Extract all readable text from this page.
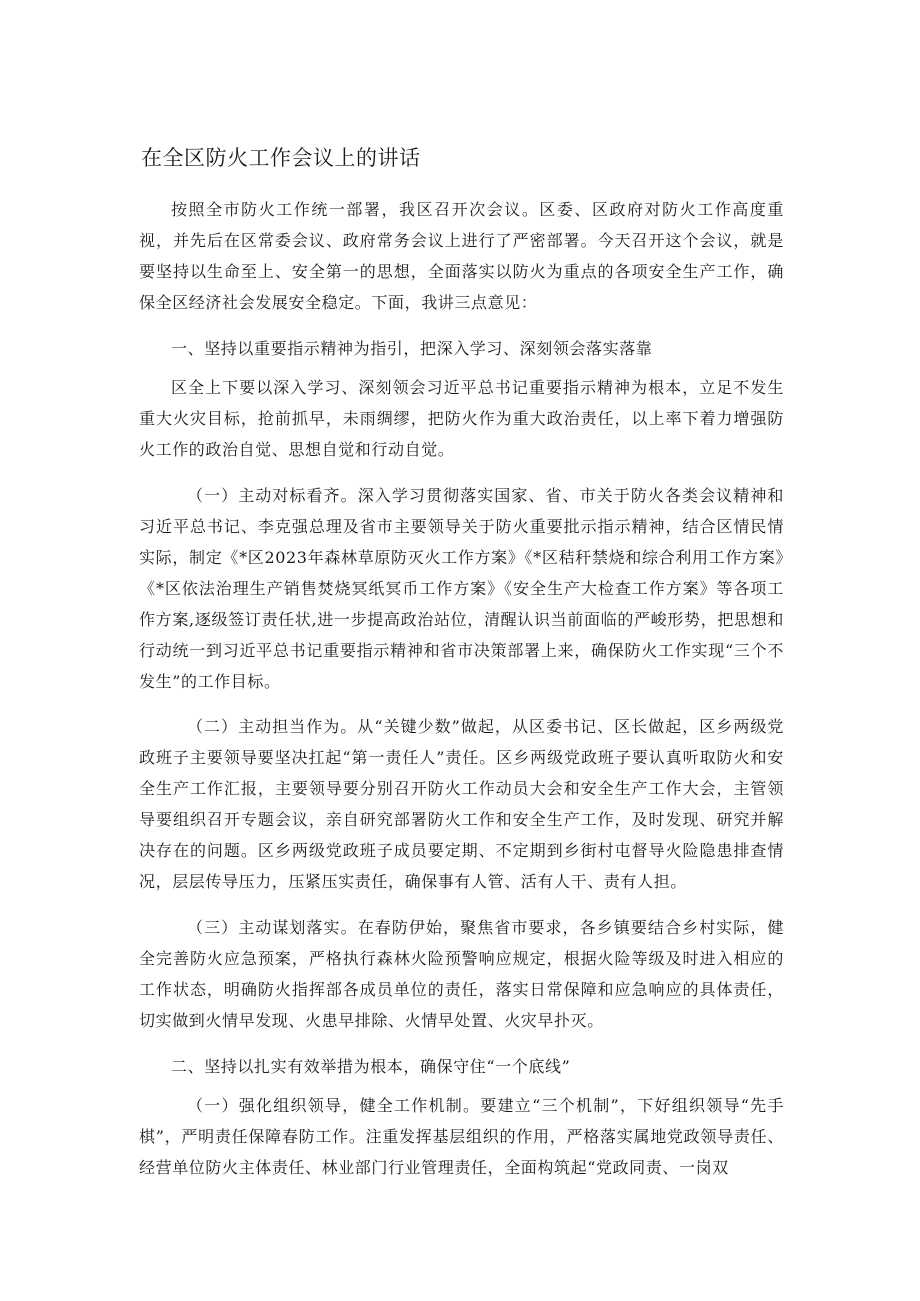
在全区防火工作会议上的讲话

按照全市防火工作统一部署，我区召开次会议。区委、区政府对防火工作高度重视，并先后在区常委会议、政府常务会议上进行了严密部署。今天召开这个会议，就是要坚持以生命至上、安全第一的思想，全面落实以防火为重点的各项安全生产工作，确保全区经济社会发展安全稳定。下面，我讲三点意见：

一、坚持以重要指示精神为指引，把深入学习、深刻领会落实落靠

区全上下要以深入学习、深刻领会习近平总书记重要指示精神为根本，立足不发生重大火灾目标，抢前抓早，未雨绸缪，把防火作为重大政治责任，以上率下着力增强防火工作的政治自觉、思想自觉和行动自觉。

（一）主动对标看齐。深入学习贯彻落实国家、省、市关于防火各类会议精神和习近平总书记、李克强总理及省市主要领导关于防火重要批示指示精神，结合区情民情实际，制定《*区2023年森林草原防灭火工作方案》《*区秸秆禁烧和综合利用工作方案》《*区依法治理生产销售焚烧冥纸冥币工作方案》《安全生产大检查工作方案》等各项工作方案,逐级签订责任状,进一步提高政治站位，清醒认识当前面临的严峻形势，把思想和行动统一到习近平总书记重要指示精神和省市决策部署上来，确保防火工作实现“三个不发生”的工作目标。

（二）主动担当作为。从“关键少数”做起，从区委书记、区长做起，区乡两级党政班子主要领导要坚决扛起“第一责任人”责任。区乡两级党政班子要认真听取防火和安全生产工作汇报，主要领导要分别召开防火工作动员大会和安全生产工作大会，主管领导要组织召开专题会议，亲自研究部署防火工作和安全生产工作，及时发现、研究并解决存在的问题。区乡两级党政班子成员要定期、不定期到乡街村屯督导火险隐患排查情况，层层传导压力，压紧压实责任，确保事有人管、活有人干、责有人担。

（三）主动谋划落实。在春防伊始，聚焦省市要求，各乡镇要结合乡村实际，健全完善防火应急预案，严格执行森林火险预警响应规定，根据火险等级及时进入相应的工作状态，明确防火指挥部各成员单位的责任，落实日常保障和应急响应的具体责任，切实做到火情早发现、火患早排除、火情早处置、火灾早扑灭。

二、坚持以扎实有效举措为根本，确保守住“一个底线”

（一）强化组织领导，健全工作机制。要建立“三个机制”，下好组织领导“先手棋”，严明责任保障春防工作。注重发挥基层组织的作用，严格落实属地党政领导责任、经营单位防火主体责任、林业部门行业管理责任，全面构筑起“党政同责、一岗双
